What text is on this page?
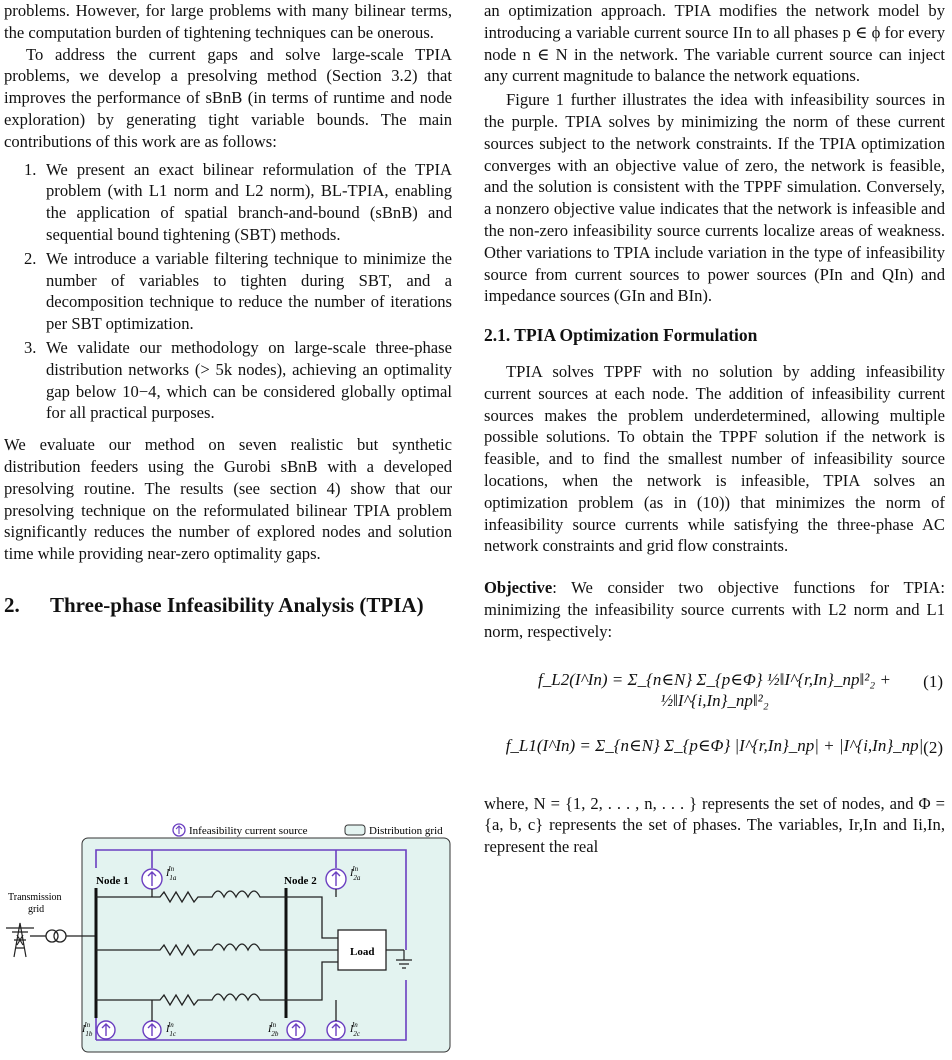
problems. However, for large problems with many bilinear terms, the computation burden of tightening techniques can be onerous.

To address the current gaps and solve large-scale TPIA problems, we develop a presolving method (Section 3.2) that improves the performance of sBnB (in terms of runtime and node exploration) by generating tight variable bounds. The main contributions of this work are as follows:

1. We present an exact bilinear reformulation of the TPIA problem (with L1 norm and L2 norm), BL-TPIA, enabling the application of spatial branch-and-bound (sBnB) and sequential bound tightening (SBT) methods.
2. We introduce a variable filtering technique to minimize the number of variables to tighten during SBT, and a decomposition technique to reduce the number of iterations per SBT optimization.
3. We validate our methodology on large-scale three-phase distribution networks (> 5k nodes), achieving an optimality gap below 10−4, which can be considered globally optimal for all practical purposes.

We evaluate our method on seven realistic but synthetic distribution feeders using the Gurobi sBnB with a developed presolving routine. The results (see section 4) show that our presolving technique on the reformulated bilinear TPIA problem significantly reduces the number of explored nodes and solution time while providing near-zero optimality gaps.

2. Three-phase Infeasibility Analysis (TPIA)
Infeasibility current source	Distribution grid
Transmission
grid
Node 1	Node 2
Load
$I_{1a}In$	$I_{2a}In$
$I_{1b}In$	$I_{1c}In$	$I_{2b}In$	$I_{2c}In$

an optimization approach. TPIA modifies the network model by introducing a variable current source IIn to all phases p ∈ ϕ for every node n ∈ N in the network. The variable current source can inject any current magnitude to balance the network equations.

Figure 1 further illustrates the idea with infeasibility sources in the purple. TPIA solves by minimizing the norm of these current sources subject to the network constraints. If the TPIA optimization converges with an objective value of zero, the network is feasible, and the solution is consistent with the TPPF simulation. Conversely, a nonzero objective value indicates that the network is infeasible and the non-zero infeasibility source currents localize areas of weakness. Other variations to TPIA include variation in the type of infeasibility source from current sources to power sources (PIn and QIn) and impedance sources (GIn and BIn).

2.1. TPIA Optimization Formulation

TPIA solves TPPF with no solution by adding infeasibility current sources at each node. The addition of infeasibility current sources makes the problem underdetermined, allowing multiple possible solutions. To obtain the TPPF solution if the network is feasible, and to find the smallest number of infeasibility source locations, when the network is infeasible, TPIA solves an optimization problem (as in (10)) that minimizes the norm of infeasibility source currents while satisfying the three-phase AC network constraints and grid flow constraints.

Objective: We consider two objective functions for TPIA: minimizing the infeasibility source currents with L2 norm and L1 norm, respectively:

f_L2(I^In) = Σ_{n∈N} Σ_{p∈Φ} ½‖I^{r,In}_np‖²₂ + ½‖I^{i,In}_np‖²₂
(1)
f_L1(I^In) = Σ_{n∈N} Σ_{p∈Φ} |I^{r,In}_np| + |I^{i,In}_np| (2)

where, N = {1, 2, . . . , n, . . . } represents the set of nodes, and Φ = {a, b, c} represents the set of phases. The variables, Ir,In and Ii,In, represent the real
